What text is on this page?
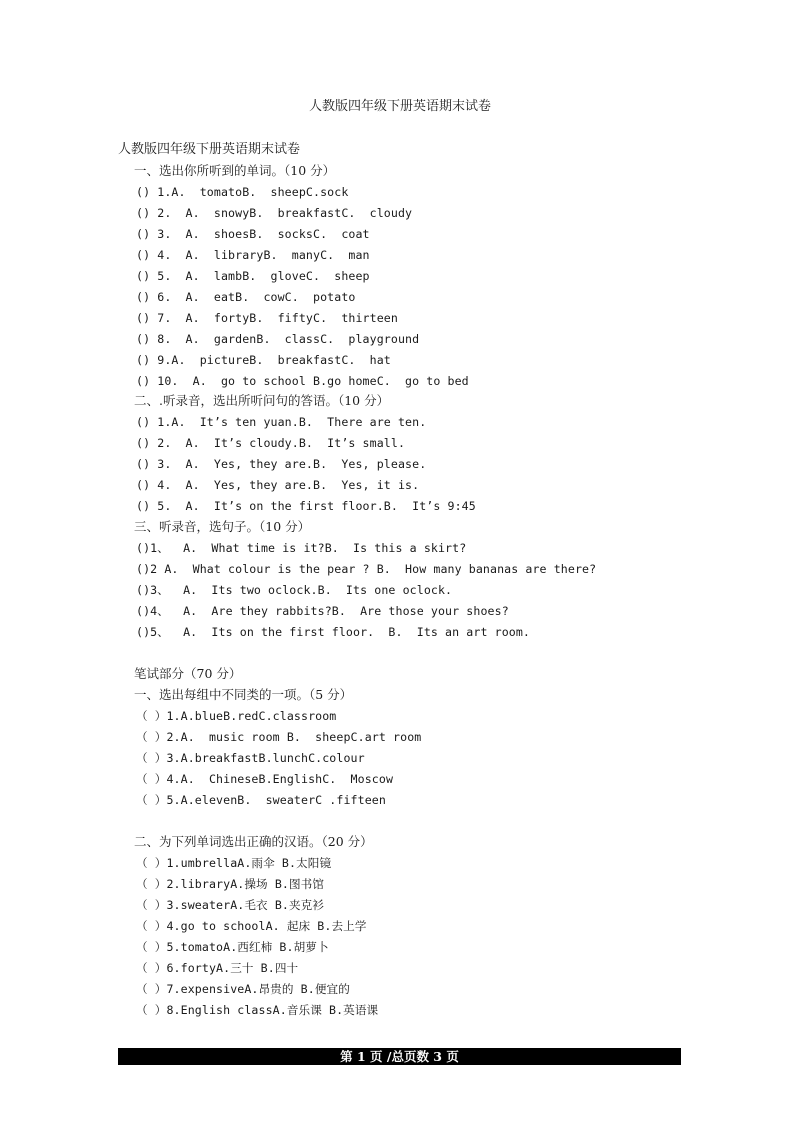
人教版四年级下册英语期末试卷
人教版四年级下册英语期末试卷
一、选出你所听到的单词。（10 分）
() 1.A.  tomatoB.  sheepC.sock
() 2.  A.  snowyB.  breakfastC.  cloudy
() 3.  A.  shoesB.  socksC.  coat
() 4.  A.  libraryB.  manyC.  man
() 5.  A.  lambB.  gloveC.  sheep
() 6.  A.  eatB.  cowC.  potato
() 7.  A.  fortyB.  fiftyC.  thirteen
() 8.  A.  gardenB.  classC.  playground
() 9.A.  pictureB.  breakfastC.  hat
() 10.  A.  go to school B.go homeC.  go to bed
二、.听录音，选出所听问句的答语。（10 分）
() 1.A.  It’s ten yuan.B.  There are ten.
() 2.  A.  It’s cloudy.B.  It’s small.
() 3.  A.  Yes, they are.B.  Yes, please.
() 4.  A.  Yes, they are.B.  Yes, it is.
() 5.  A.  It’s on the first floor.B.  It’s 9:45
三、听录音，选句子。（10 分）
()1、  A.  What time is it?B.  Is this a skirt?
()2 A.  What colour is the pear ? B.  How many bananas are there?
()3、  A.  Its two oclock.B.  Its one oclock.
()4、  A.  Are they rabbits?B.  Are those your shoes?
()5、  A.  Its on the first floor.  B.  Its an art room.
笔试部分（70 分）
一、选出每组中不同类的一项。（5 分）
（ ）1.A.blueB.redC.classroom
（ ）2.A.  music room B.  sheepC.art room
（ ）3.A.breakfastB.lunchC.colour
（ ）4.A.  ChineseB.EnglishC.  Moscow
（ ）5.A.elevenB.  sweaterC .fifteen
二、为下列单词选出正确的汉语。（20 分）
（ ）1.umbrellaA.雨伞 B.太阳镜
（ ）2.libraryA.操场 B.图书馆
（ ）3.sweaterA.毛衣 B.夹克衫
（ ）4.go to schoolA. 起床 B.去上学
（ ）5.tomatoA.西红柿 B.胡萝卜
（ ）6.fortyA.三十 B.四十
（ ）7.expensiveA.昂贵的 B.便宜的
（ ）8.English classA.音乐课 B.英语课
第 1 页 /总页数 3 页
